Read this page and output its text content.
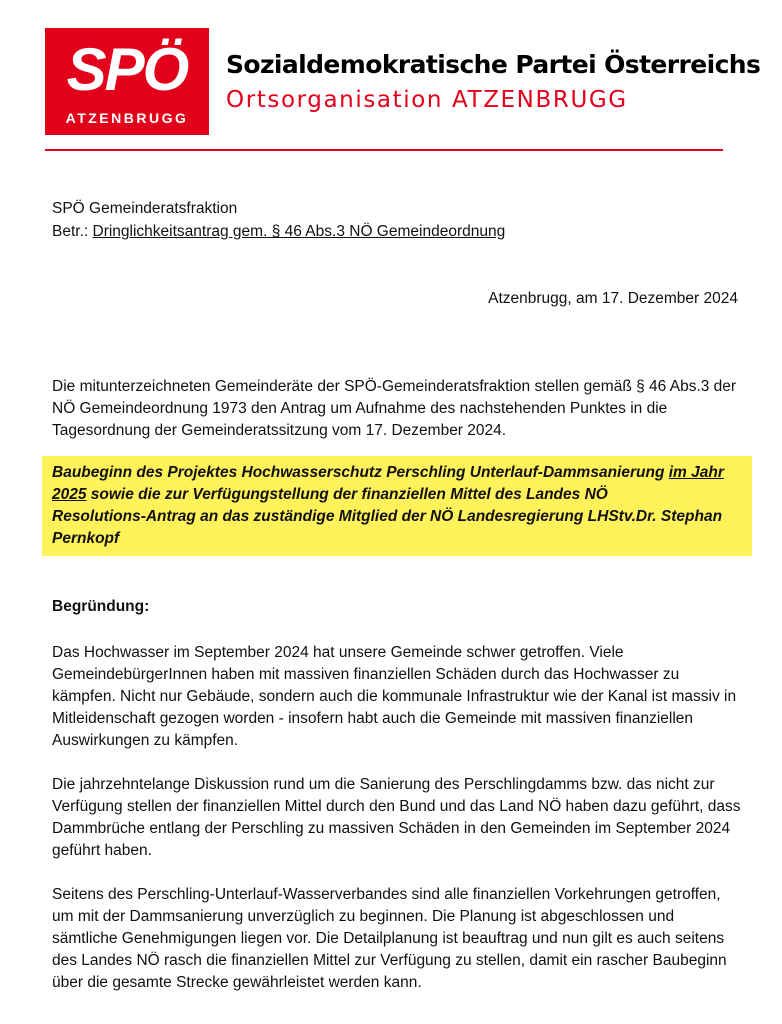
SPÖ
ATZENBRUGG
Sozialdemokratische Partei Österreichs
Ortsorganisation ATZENBRUGG
SPÖ Gemeinderatsfraktion
Betr.: Dringlichkeitsantrag gem. § 46 Abs.3 NÖ Gemeindeordnung
Atzenbrugg, am 17. Dezember 2024
Die mitunterzeichneten Gemeinderäte der SPÖ-Gemeinderatsfraktion stellen gemäß § 46 Abs.3 der NÖ Gemeindeordnung 1973 den Antrag um Aufnahme des nachstehenden Punktes in die Tagesordnung der Gemeinderatssitzung vom 17. Dezember 2024.
Baubeginn des Projektes Hochwasserschutz Perschling Unterlauf-Dammsanierung im Jahr 2025 sowie die zur Verfügungstellung der finanziellen Mittel des Landes NÖ
Resolutions-Antrag an das zuständige Mitglied der NÖ Landesregierung LHStv.Dr. Stephan Pernkopf
Begründung:
Das Hochwasser im September 2024 hat unsere Gemeinde schwer getroffen. Viele GemeindebürgerInnen haben mit massiven finanziellen Schäden durch das Hochwasser zu kämpfen. Nicht nur Gebäude, sondern auch die kommunale Infrastruktur wie der Kanal ist massiv in Mitleidenschaft gezogen worden - insofern habt auch die Gemeinde mit massiven finanziellen Auswirkungen zu kämpfen.
Die jahrzehntelange Diskussion rund um die Sanierung des Perschlingdamms bzw. das nicht zur Verfügung stellen der finanziellen Mittel durch den Bund und das Land NÖ haben dazu geführt, dass Dammbrüche entlang der Perschling zu massiven Schäden in den Gemeinden im September 2024 geführt haben.
Seitens des Perschling-Unterlauf-Wasserverbandes sind alle finanziellen Vorkehrungen getroffen, um mit der Dammsanierung unverzüglich zu beginnen. Die Planung ist abgeschlossen und sämtliche Genehmigungen liegen vor. Die Detailplanung ist beauftrag und nun gilt es auch seitens des Landes NÖ rasch die finanziellen Mittel zur Verfügung zu stellen, damit ein rascher Baubeginn über die gesamte Strecke gewährleistet werden kann.
